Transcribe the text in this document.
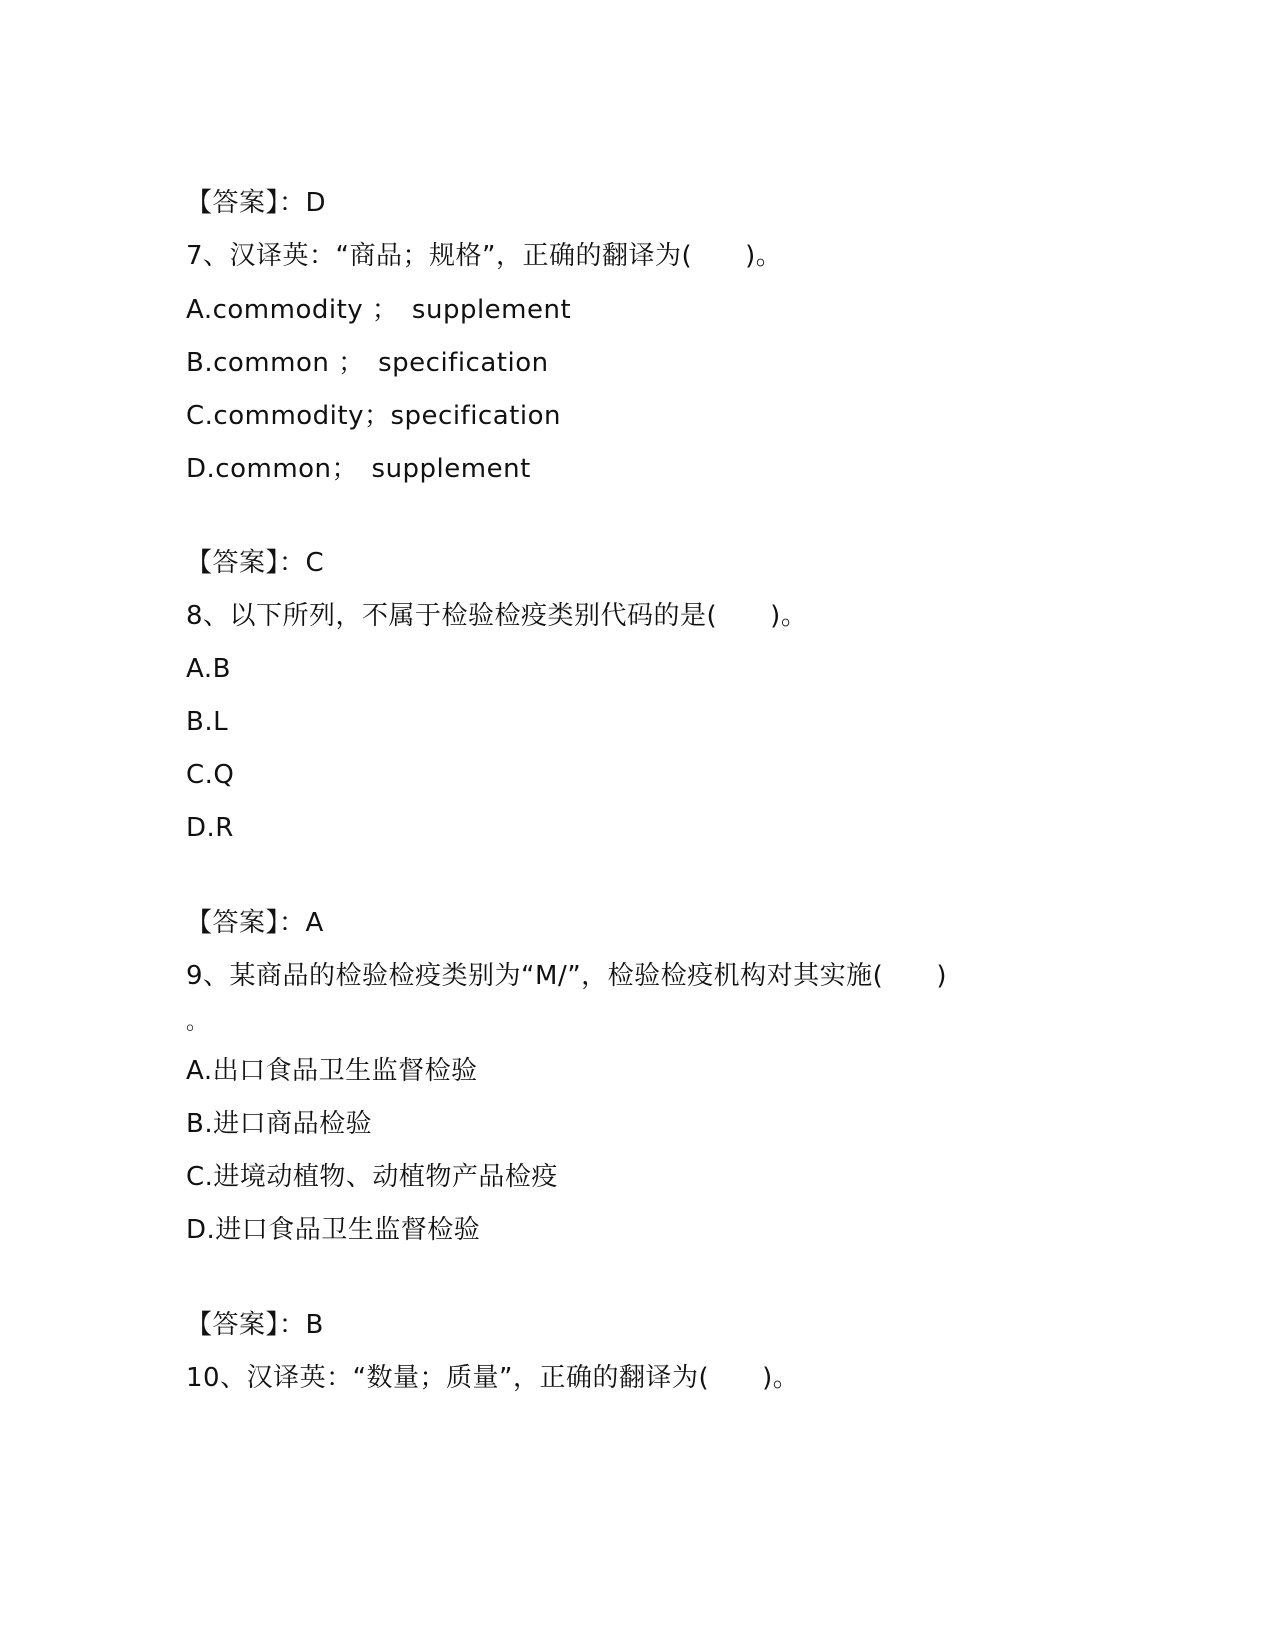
【答案】：D
7、汉译英：“商品；规格”，正确的翻译为(　　)。
A.commodity ；　supplement
B.common ；　specification
C.commodity；specification
D.common；　supplement
【答案】：C
8、以下所列，不属于检验检疫类别代码的是(　　)。
A.B
B.L
C.Q
D.R
【答案】：A
9、某商品的检验检疫类别为“M/”，检验检疫机构对其实施(　　)
。
A.出口食品卫生监督检验
B.进口商品检验
C.进境动植物、动植物产品检疫
D.进口食品卫生监督检验
【答案】：B
10、汉译英：“数量；质量”，正确的翻译为(　　)。
